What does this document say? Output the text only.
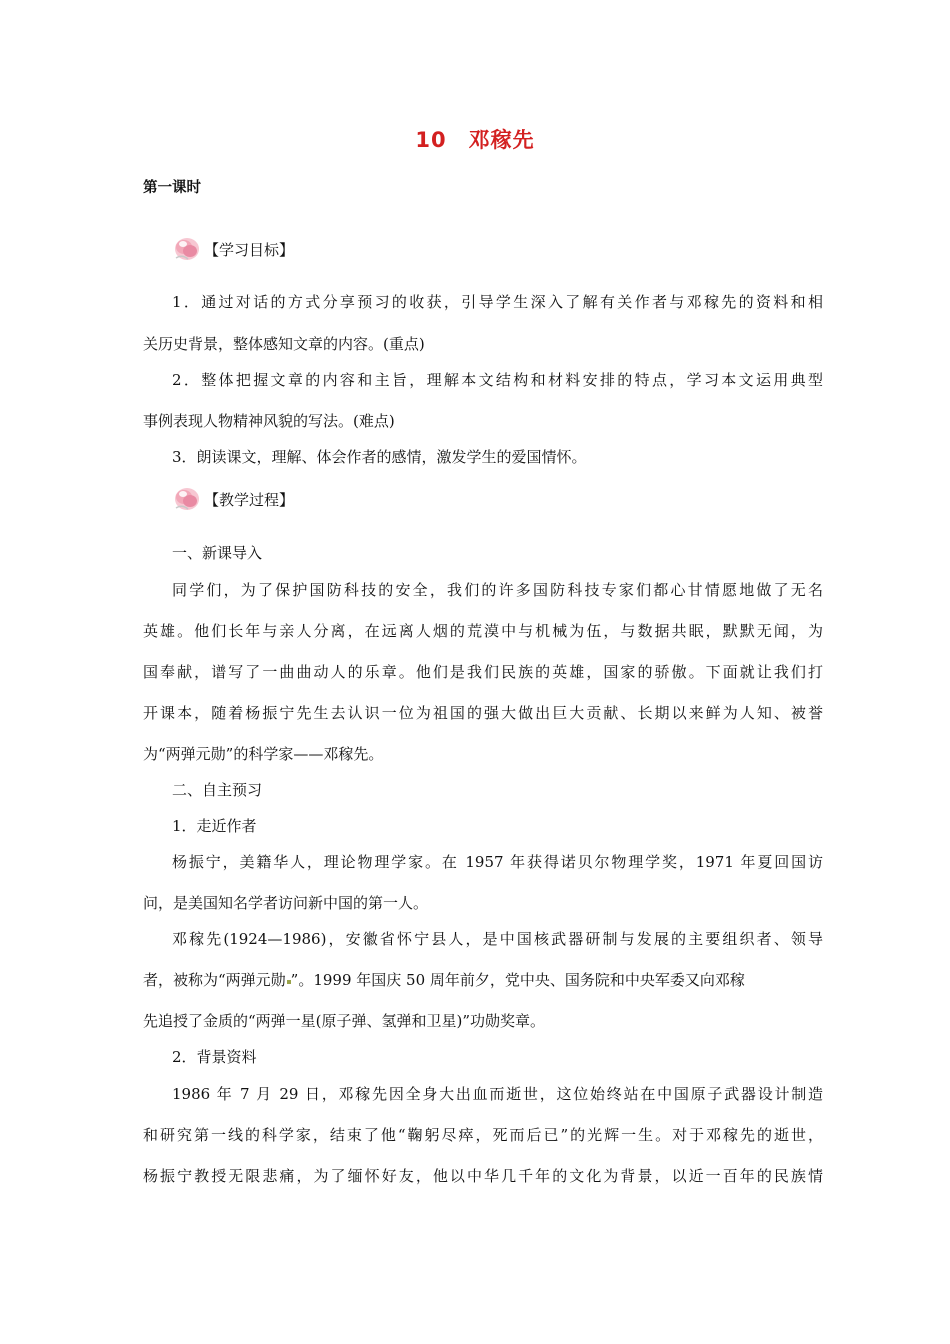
10 邓稼先
第一课时
【学习目标】
1．通过对话的方式分享预习的收获，引导学生深入了解有关作者与邓稼先的资料和相
关历史背景，整体感知文章的内容。(重点)
2．整体把握文章的内容和主旨，理解本文结构和材料安排的特点，学习本文运用典型
事例表现人物精神风貌的写法。(难点)
3．朗读课文，理解、体会作者的感情，激发学生的爱国情怀。
【教学过程】
一、新课导入
同学们，为了保护国防科技的安全，我们的许多国防科技专家们都心甘情愿地做了无名
英雄。他们长年与亲人分离，在远离人烟的荒漠中与机械为伍，与数据共眠，默默无闻，为
国奉献，谱写了一曲曲动人的乐章。他们是我们民族的英雄，国家的骄傲。下面就让我们打
开课本，随着杨振宁先生去认识一位为祖国的强大做出巨大贡献、长期以来鲜为人知、被誉
为“两弹元勋”的科学家——邓稼先。
二、自主预习
1．走近作者
杨振宁，美籍华人，理论物理学家。在 1957 年获得诺贝尔物理学奖，1971 年夏回国访
问，是美国知名学者访问新中国的第一人。
邓稼先(1924—1986)，安徽省怀宁县人，是中国核武器研制与发展的主要组织者、领导
者，被称为“两弹元勋 ”。1999 年国庆 50 周年前夕，党中央、国务院和中央军委又向邓稼
先追授了金质的“两弹一星(原子弹、氢弹和卫星)”功勋奖章。
2．背景资料
1986 年 7 月 29 日，邓稼先因全身大出血而逝世，这位始终站在中国原子武器设计制造
和研究第一线的科学家，结束了他“鞠躬尽瘁，死而后已”的光辉一生。对于邓稼先的逝世，
杨振宁教授无限悲痛，为了缅怀好友，他以中华几千年的文化为背景，以近一百年的民族情
